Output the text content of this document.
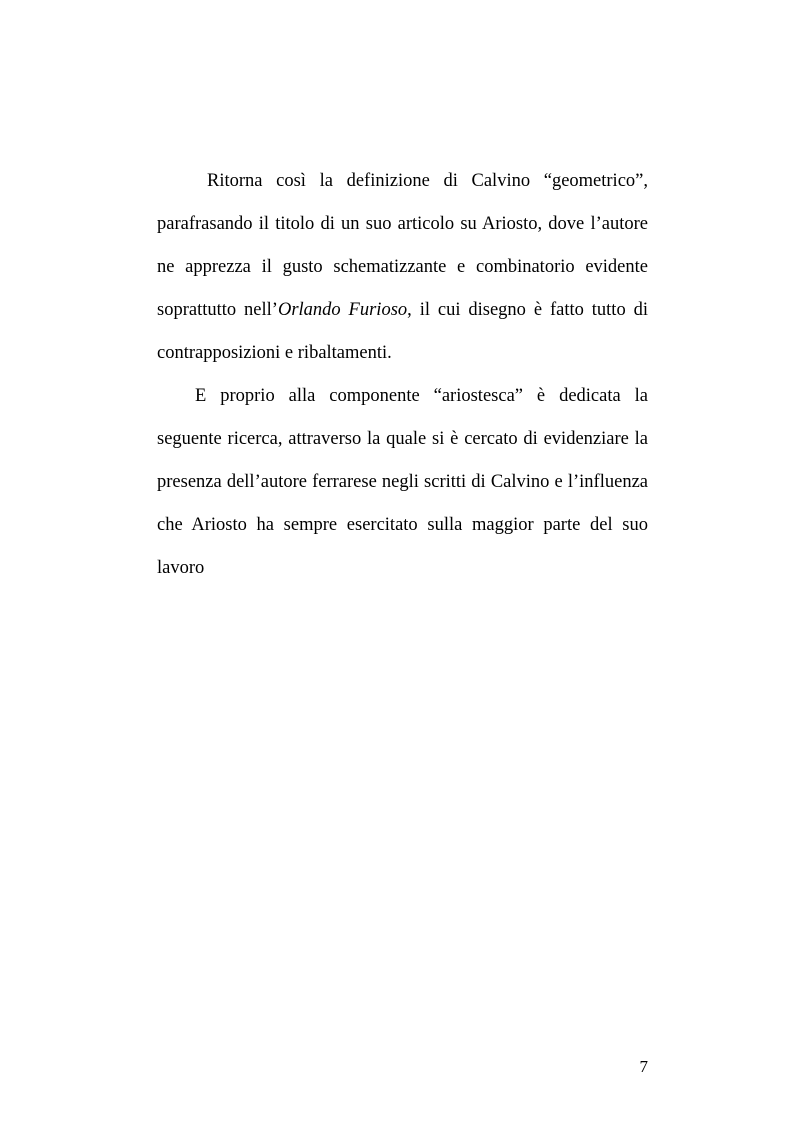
Ritorna così la definizione di Calvino “geometrico”,
parafrasando il titolo di un suo articolo su Ariosto, dove l’autore
ne apprezza il gusto schematizzante e combinatorio evidente
soprattutto nell’Orlando Furioso, il cui disegno è fatto tutto di
contrapposizioni e ribaltamenti.
E proprio alla componente “ariostesca” è dedicata la
seguente ricerca, attraverso la quale si è cercato di evidenziare la
presenza dell’autore ferrarese negli scritti di Calvino e l’influenza
che Ariosto ha sempre esercitato sulla maggior parte del suo
lavoro
7
